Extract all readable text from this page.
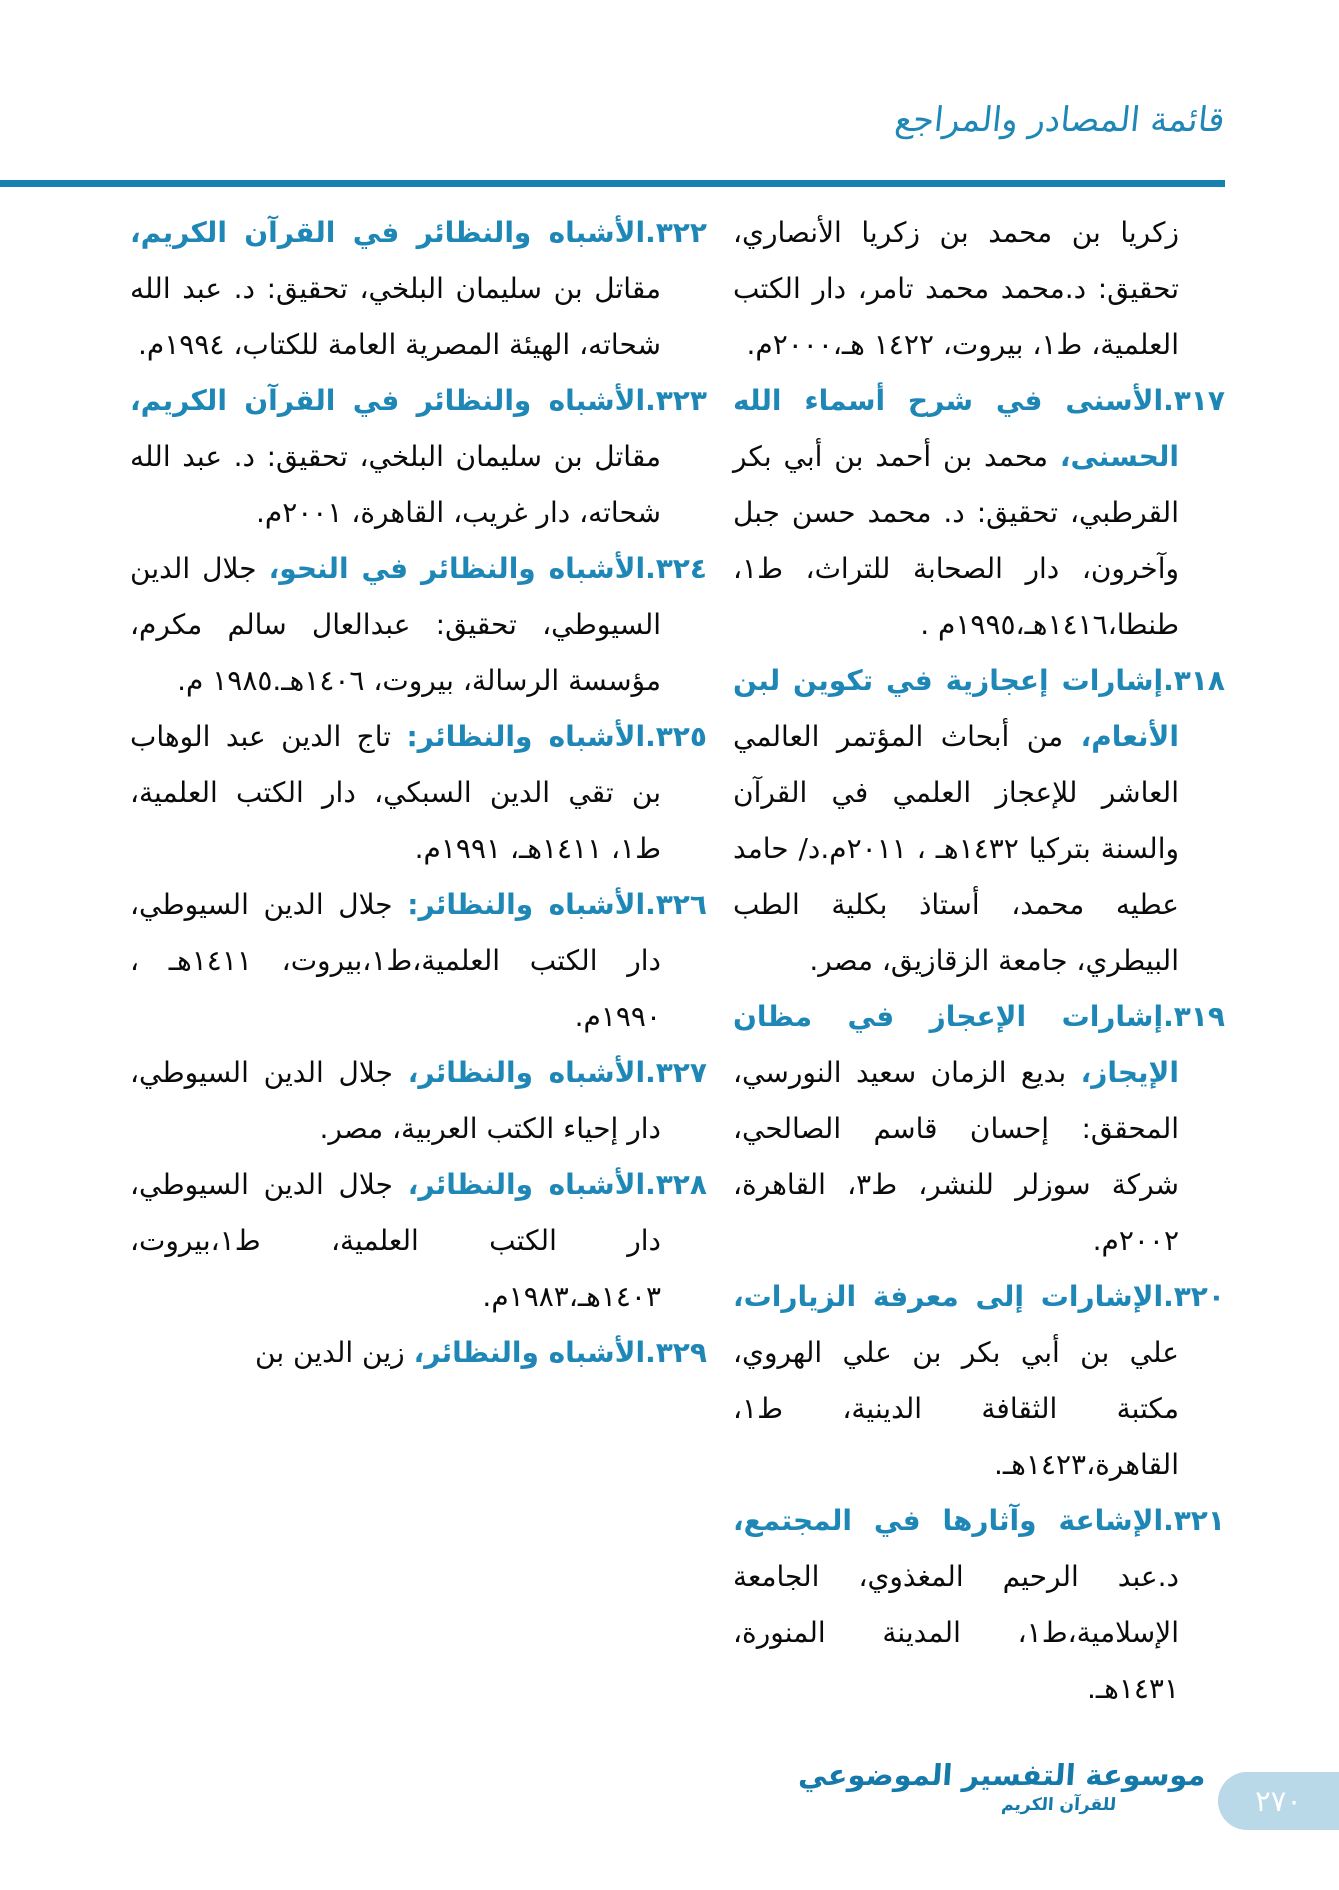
قائمة المصادر والمراجع

زكريا بن محمد بن زكريا الأنصاري، تحقيق: د.محمد محمد تامر، دار الكتب العلمية، ط١، بيروت، ١٤٢٢ هـ،٢٠٠٠م.

٣١٧.الأسنى في شرح أسماء الله الحسنى، محمد بن أحمد بن أبي بكر القرطبي، تحقيق: د. محمد حسن جبل وآخرون، دار الصحابة للتراث، ط١، طنطا،١٤١٦هـ،١٩٩٥م .

٣١٨.إشارات إعجازية في تكوين لبن الأنعام، من أبحاث المؤتمر العالمي العاشر للإعجاز العلمي في القرآن والسنة بتركيا ١٤٣٢هـ ، ٢٠١١م.د/ حامد عطيه محمد، أستاذ بكلية الطب البيطري، جامعة الزقازيق، مصر.

٣١٩.إشارات الإعجاز في مظان الإيجاز، بديع الزمان سعيد النورسي، المحقق: إحسان قاسم الصالحي، شركة سوزلر للنشر، ط٣، القاهرة، ٢٠٠٢م.

٣٢٠.الإشارات إلى معرفة الزيارات، علي بن أبي بكر بن علي الهروي، مكتبة الثقافة الدينية، ط١، القاهرة،١٤٢٣هـ.

٣٢١.الإشاعة وآثارها في المجتمع، د.عبد الرحيم المغذوي، الجامعة الإسلامية،ط١، المدينة المنورة، ١٤٣١هـ.

٣٢٢.الأشباه والنظائر في القرآن الكريم، مقاتل بن سليمان البلخي، تحقيق: د. عبد الله شحاته، الهيئة المصرية العامة للكتاب، ١٩٩٤م.

٣٢٣.الأشباه والنظائر في القرآن الكريم، مقاتل بن سليمان البلخي، تحقيق: د. عبد الله شحاته، دار غريب، القاهرة، ٢٠٠١م.

٣٢٤.الأشباه والنظائر في النحو، جلال الدين السيوطي، تحقيق: عبدالعال سالم مكرم، مؤسسة الرسالة، بيروت، ١٤٠٦هـ.١٩٨٥ م.

٣٢٥.الأشباه والنظائر: تاج الدين عبد الوهاب بن تقي الدين السبكي، دار الكتب العلمية، ط١، ١٤١١هـ، ١٩٩١م.

٣٢٦.الأشباه والنظائر: جلال الدين السيوطي، دار الكتب العلمية،ط١،بيروت، ١٤١١هـ ، ١٩٩٠م.

٣٢٧.الأشباه والنظائر، جلال الدين السيوطي، دار إحياء الكتب العربية، مصر.

٣٢٨.الأشباه والنظائر، جلال الدين السيوطي، دار الكتب العلمية، ط١،بيروت، ١٤٠٣هـ،١٩٨٣م.

٣٢٩.الأشباه والنظائر، زين الدين بن

موسوعة التفسير الموضوعي
للقرآن الكريم	٢٧٠
